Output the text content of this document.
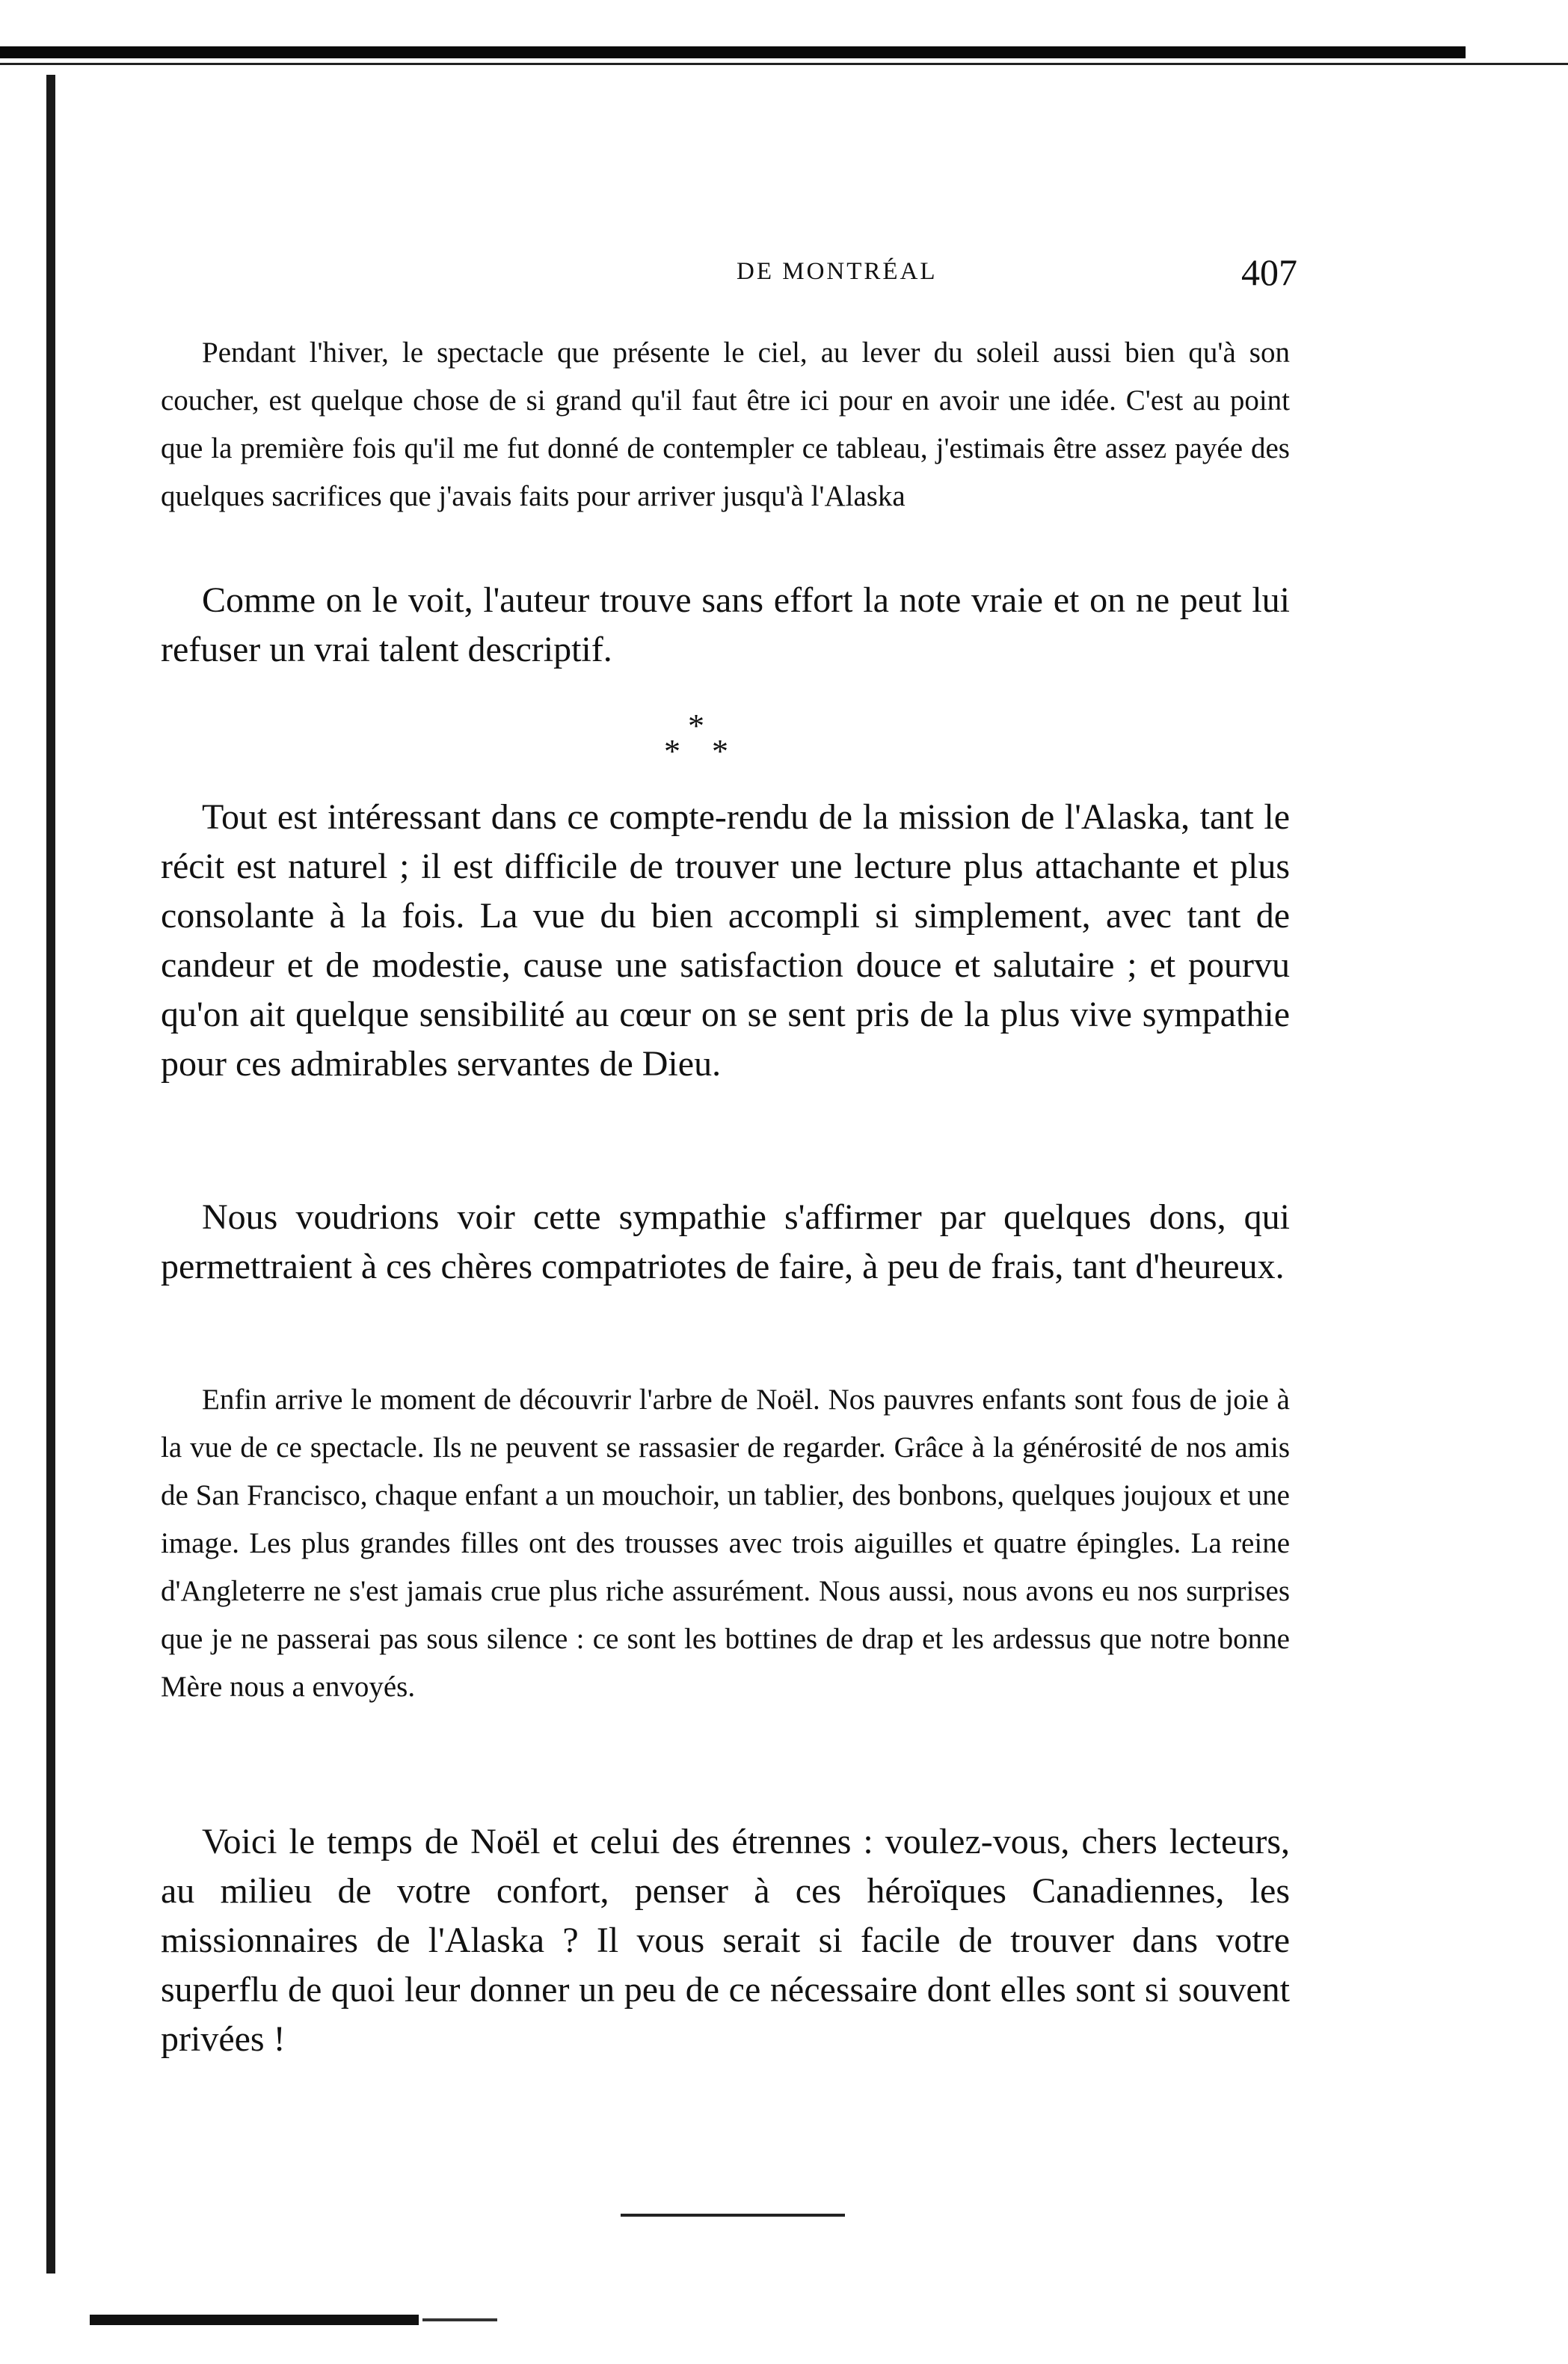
DE MONTRÉAL	407

Pendant l'hiver, le spectacle que présente le ciel, au lever du soleil aussi bien qu'à son coucher, est quelque chose de si grand qu'il faut être ici pour en avoir une idée. C'est au point que la première fois qu'il me fut donné de contempler ce tableau, j'estimais être assez payée des quelques sacrifices que j'avais faits pour arriver jusqu'à l'Alaska

Comme on le voit, l'auteur trouve sans effort la note vraie et on ne peut lui refuser un vrai talent descriptif.

*
* *

Tout est intéressant dans ce compte-rendu de la mission de l'Alaska, tant le récit est naturel ; il est difficile de trouver une lecture plus attachante et plus consolante à la fois. La vue du bien accompli si simplement, avec tant de candeur et de modestie, cause une satisfaction douce et salutaire ; et pourvu qu'on ait quelque sensibilité au cœur on se sent pris de la plus vive sympathie pour ces admirables servantes de Dieu.

Nous voudrions voir cette sympathie s'affirmer par quelques dons, qui permettraient à ces chères compatriotes de faire, à peu de frais, tant d'heureux.

Enfin arrive le moment de découvrir l'arbre de Noël. Nos pauvres enfants sont fous de joie à la vue de ce spectacle. Ils ne peuvent se rassasier de regarder. Grâce à la générosité de nos amis de San Francisco, chaque enfant a un mouchoir, un tablier, des bonbons, quelques joujoux et une image. Les plus grandes filles ont des trousses avec trois aiguilles et quatre épingles. La reine d'Angleterre ne s'est jamais crue plus riche assurément. Nous aussi, nous avons eu nos surprises que je ne passerai pas sous silence : ce sont les bottines de drap et les ardessus que notre bonne Mère nous a envoyés.

Voici le temps de Noël et celui des étrennes : voulez-vous, chers lecteurs, au milieu de votre confort, penser à ces héroïques Canadiennes, les missionnaires de l'Alaska ? Il vous serait si facile de trouver dans votre superflu de quoi leur donner un peu de ce nécessaire dont elles sont si souvent privées !
